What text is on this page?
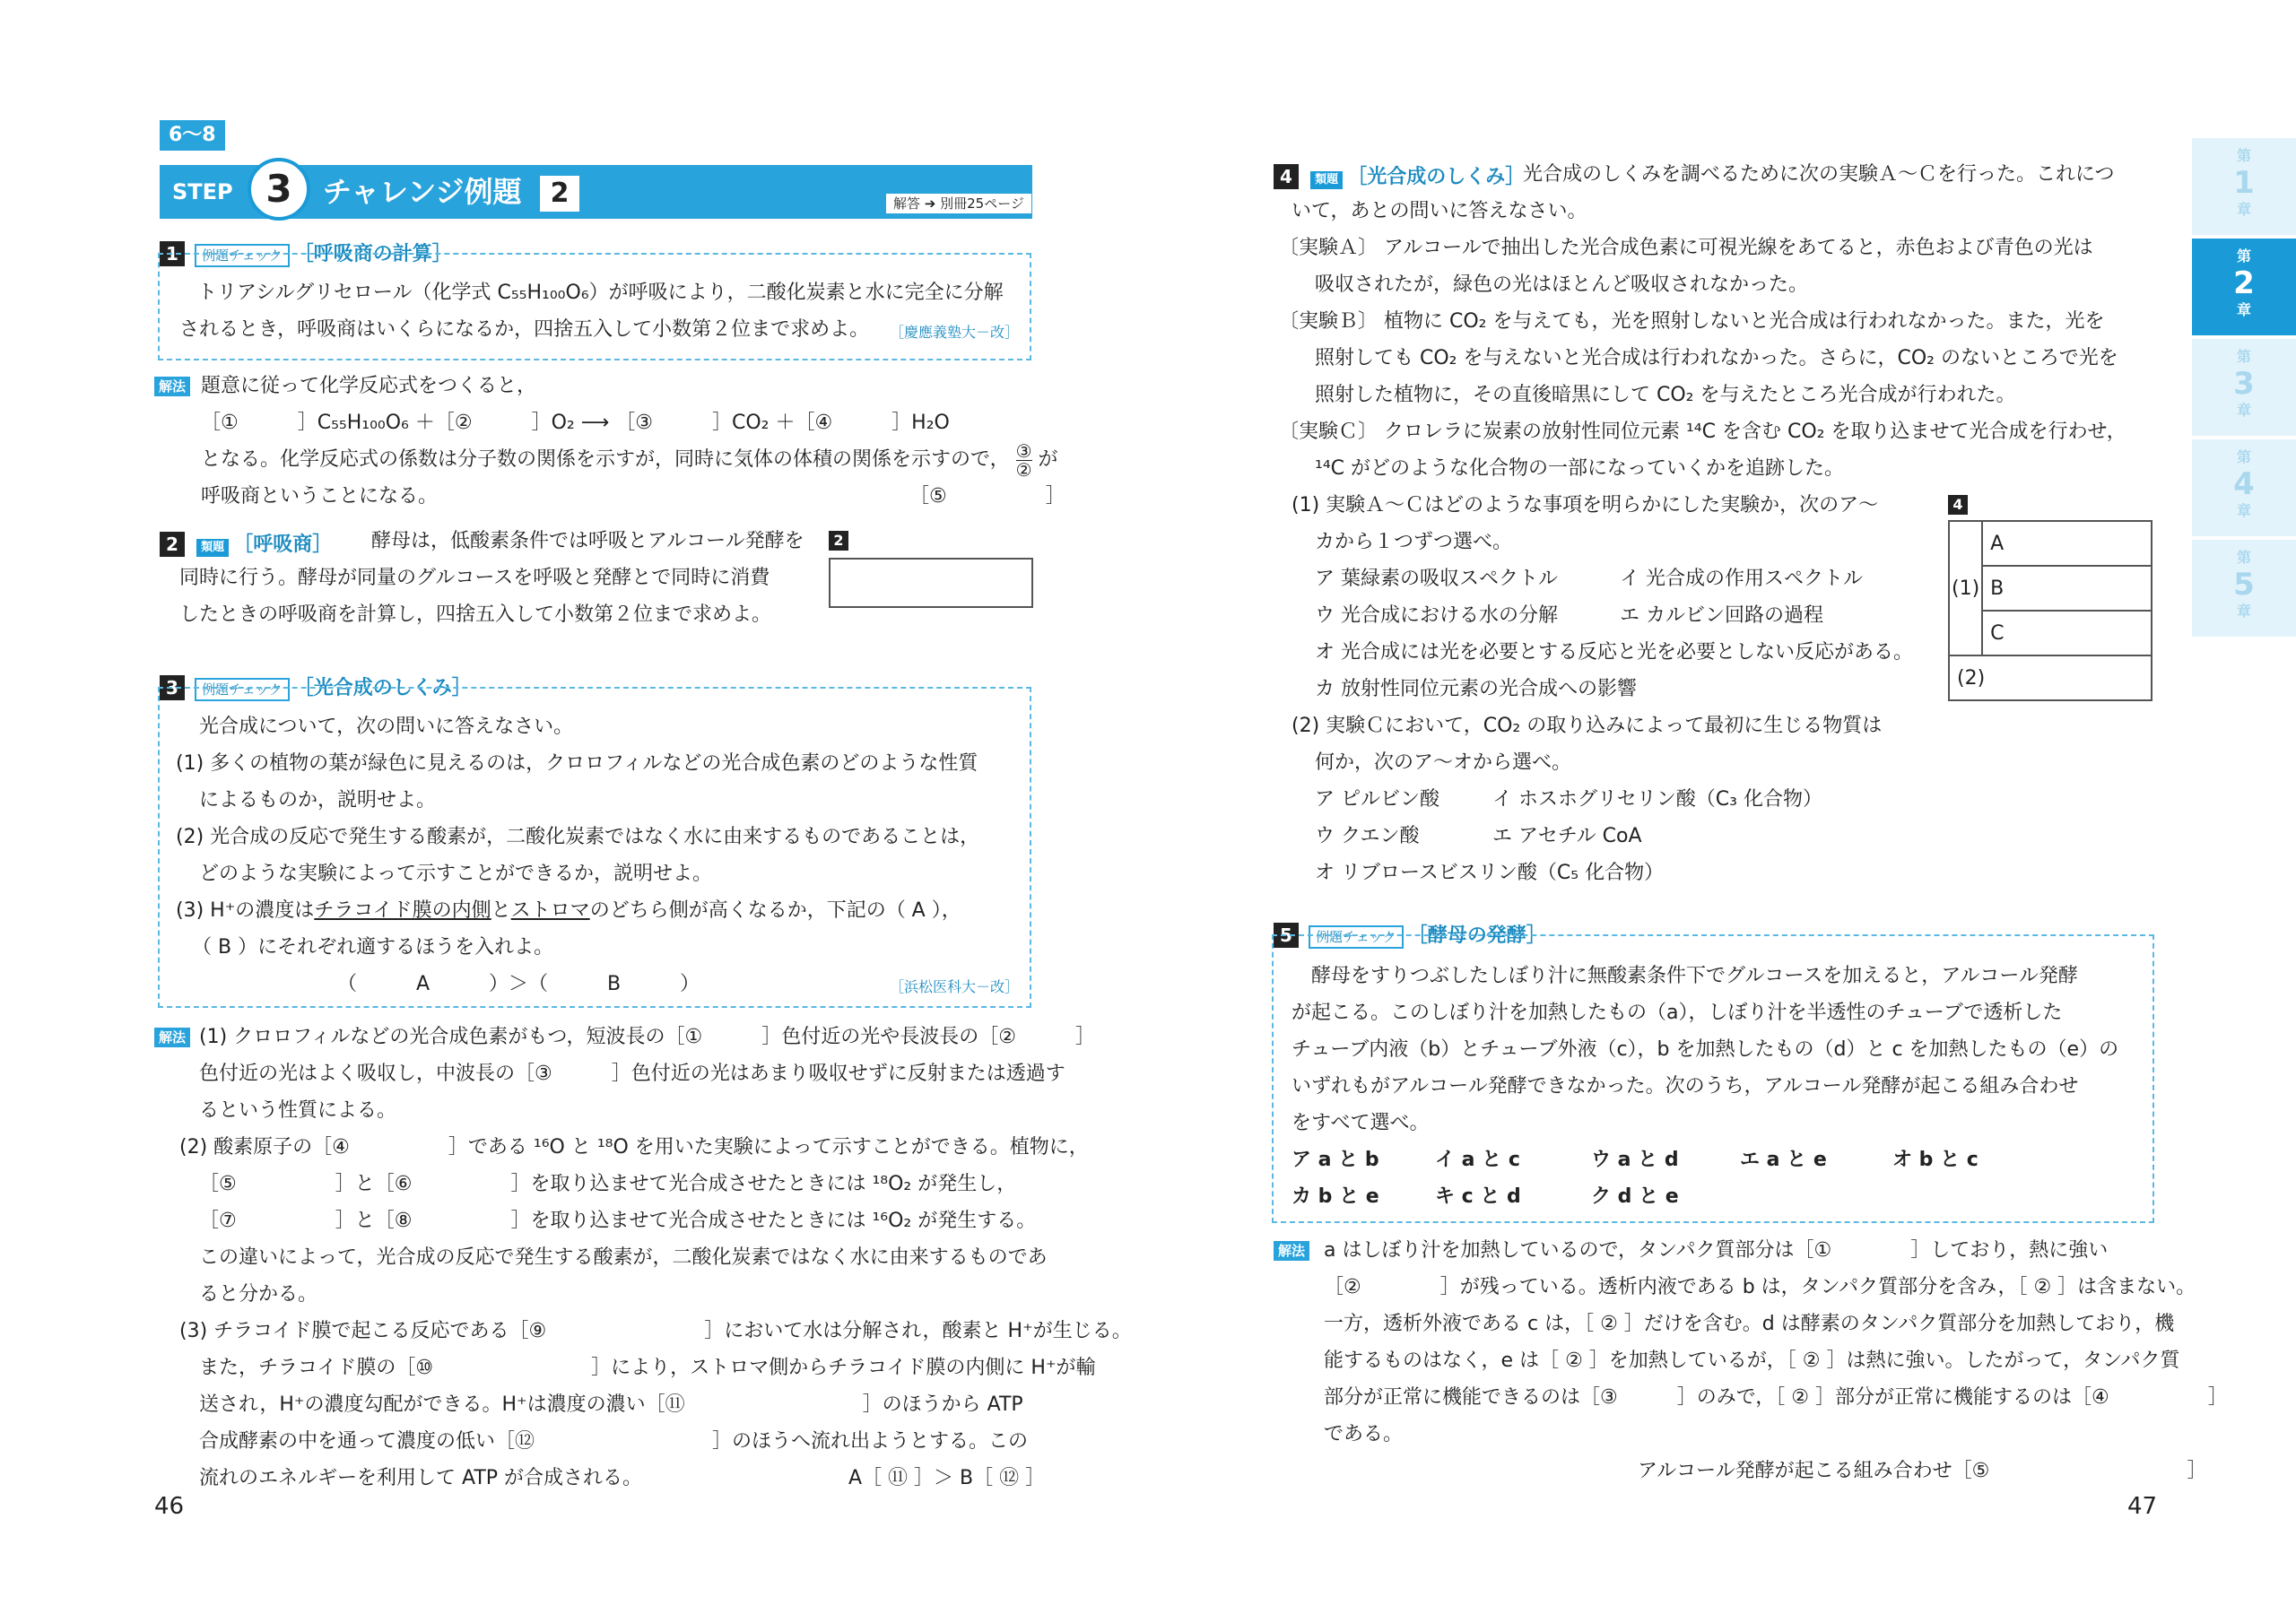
6～8
STEP 3	チャレンジ例題	2	解答 ➔ 別冊25ページ
1 例題チェック ［呼吸商の計算］
トリアシルグリセロール（化学式 C₅₅H₁₀₀O₆）が呼吸により，二酸化炭素と水に完全に分解
されるとき，呼吸商はいくらになるか，四捨五入して小数第２位まで求めよ。 ［慶應義塾大－改］
解法 題意に従って化学反応式をつくると，
［①　　　］C₅₅H₁₀₀O₆ ＋［②　　　］O₂ ⟶ ［③　　　］CO₂ ＋［④　　　］H₂O
となる。化学反応式の係数は分子数の関係を示すが，同時に気体の体積の関係を示すので， ③
② が
呼吸商ということになる。	［⑤　　　　　］
2 類題 ［呼吸商］ 酵母は，低酸素条件では呼吸とアルコール発酵を
同時に行う。酵母が同量のグルコースを呼吸と発酵とで同時に消費
したときの呼吸商を計算し，四捨五入して小数第２位まで求めよ。
2
3 例題チェック ［光合成のしくみ］
光合成について，次の問いに答えなさい。
(1) 多くの植物の葉が緑色に見えるのは，クロロフィルなどの光合成色素のどのような性質
によるものか，説明せよ。
(2) 光合成の反応で発生する酸素が，二酸化炭素ではなく水に由来するものであることは，
どのような実験によって示すことができるか，説明せよ。
(3) H⁺の濃度はチラコイド膜の内側とストロマのどちら側が高くなるか，下記の（ A ），
（ B ）にそれぞれ適するほうを入れよ。
（　　　A　　　）＞（　　　B　　　）	［浜松医科大－改］
解法 (1) クロロフィルなどの光合成色素がもつ，短波長の［①　　　］色付近の光や長波長の［②　　　］
色付近の光はよく吸収し，中波長の［③　　　］色付近の光はあまり吸収せずに反射または透過す
るという性質による。
(2) 酸素原子の［④　　　　　］である ¹⁶O と ¹⁸O を用いた実験によって示すことができる。植物に，
［⑤　　　　　］と［⑥　　　　　］を取り込ませて光合成させたときには ¹⁸O₂ が発生し，
［⑦　　　　　］と［⑧　　　　　］を取り込ませて光合成させたときには ¹⁶O₂ が発生する。
この違いによって，光合成の反応で発生する酸素が，二酸化炭素ではなく水に由来するものであ
ると分かる。
(3) チラコイド膜で起こる反応である［⑨　　　　　　　　］において水は分解され，酸素と H⁺が生じる。
また，チラコイド膜の［⑩　　　　　　　　］により，ストロマ側からチラコイド膜の内側に H⁺が輸
送され，H⁺の濃度勾配ができる。H⁺は濃度の濃い［⑪　　　　　　　　　］のほうから ATP
合成酵素の中を通って濃度の低い［⑫　　　　　　　　　］のほうへ流れ出ようとする。この
流れのエネルギーを利用して ATP が合成される。	A［ ⑪ ］＞ B［ ⑫ ］
46
4 類題 ［光合成のしくみ］
光合成のしくみを調べるために次の実験Ａ～Ｃを行った。これにつ
いて，あとの問いに答えなさい。
〔実験Ａ〕 アルコールで抽出した光合成色素に可視光線をあてると，赤色および青色の光は
吸収されたが，緑色の光はほとんど吸収されなかった。
〔実験Ｂ〕 植物に CO₂ を与えても，光を照射しないと光合成は行われなかった。また，光を
照射しても CO₂ を与えないと光合成は行われなかった。さらに，CO₂ のないところで光を
照射した植物に，その直後暗黒にして CO₂ を与えたところ光合成が行われた。
〔実験Ｃ〕 クロレラに炭素の放射性同位元素 ¹⁴C を含む CO₂ を取り込ませて光合成を行わせ，
¹⁴C がどのような化合物の一部になっていくかを追跡した。
(1) 実験Ａ～Ｃはどのような事項を明らかにした実験か，次のア～
カから１つずつ選べ。
ア 葉緑素の吸収スペクトル	イ 光合成の作用スペクトル
ウ 光合成における水の分解	エ カルビン回路の過程
オ 光合成には光を必要とする反応と光を必要としない反応がある。
カ 放射性同位元素の光合成への影響
(2) 実験Ｃにおいて，CO₂ の取り込みによって最初に生じる物質は
何か，次のア～オから選べ。
ア ピルビン酸	イ ホスホグリセリン酸（C₃ 化合物）
ウ クエン酸	エ アセチル CoA
オ リブロースビスリン酸（C₅ 化合物）
4
(1)	A
B
C
(2)
5 例題チェック ［酵母の発酵］
酵母をすりつぶしたしぼり汁に無酸素条件下でグルコースを加えると，アルコール発酵
が起こる。このしぼり汁を加熱したもの（a），しぼり汁を半透性のチューブで透析した
チューブ内液（b）とチューブ外液（c），b を加熱したもの（d）と c を加熱したもの（e）の
いずれもがアルコール発酵できなかった。次のうち，アルコール発酵が起こる組み合わせ
をすべて選べ。
ア a と b	イ a と c	ウ a と d	エ a と e	オ b と c
カ b と e	キ c と d	ク d と e
解法 a はしぼり汁を加熱しているので，タンパク質部分は［①　　　　］しており，熱に強い
［②　　　　］が残っている。透析内液である b は，タンパク質部分を含み，［ ② ］は含まない。
一方，透析外液である c は，［ ② ］だけを含む。d は酵素のタンパク質部分を加熱しており，機
能するものはなく，e は［ ② ］を加熱しているが，［ ② ］は熱に強い。したがって，タンパク質
部分が正常に機能できるのは［③　　　］のみで，［ ② ］部分が正常に機能するのは［④　　　　　］
である。
アルコール発酵が起こる組み合わせ［⑤　　　　　　　　　　］
47
第
1
章
第
2
章
第
3
章
第
4
章
第
5
章
